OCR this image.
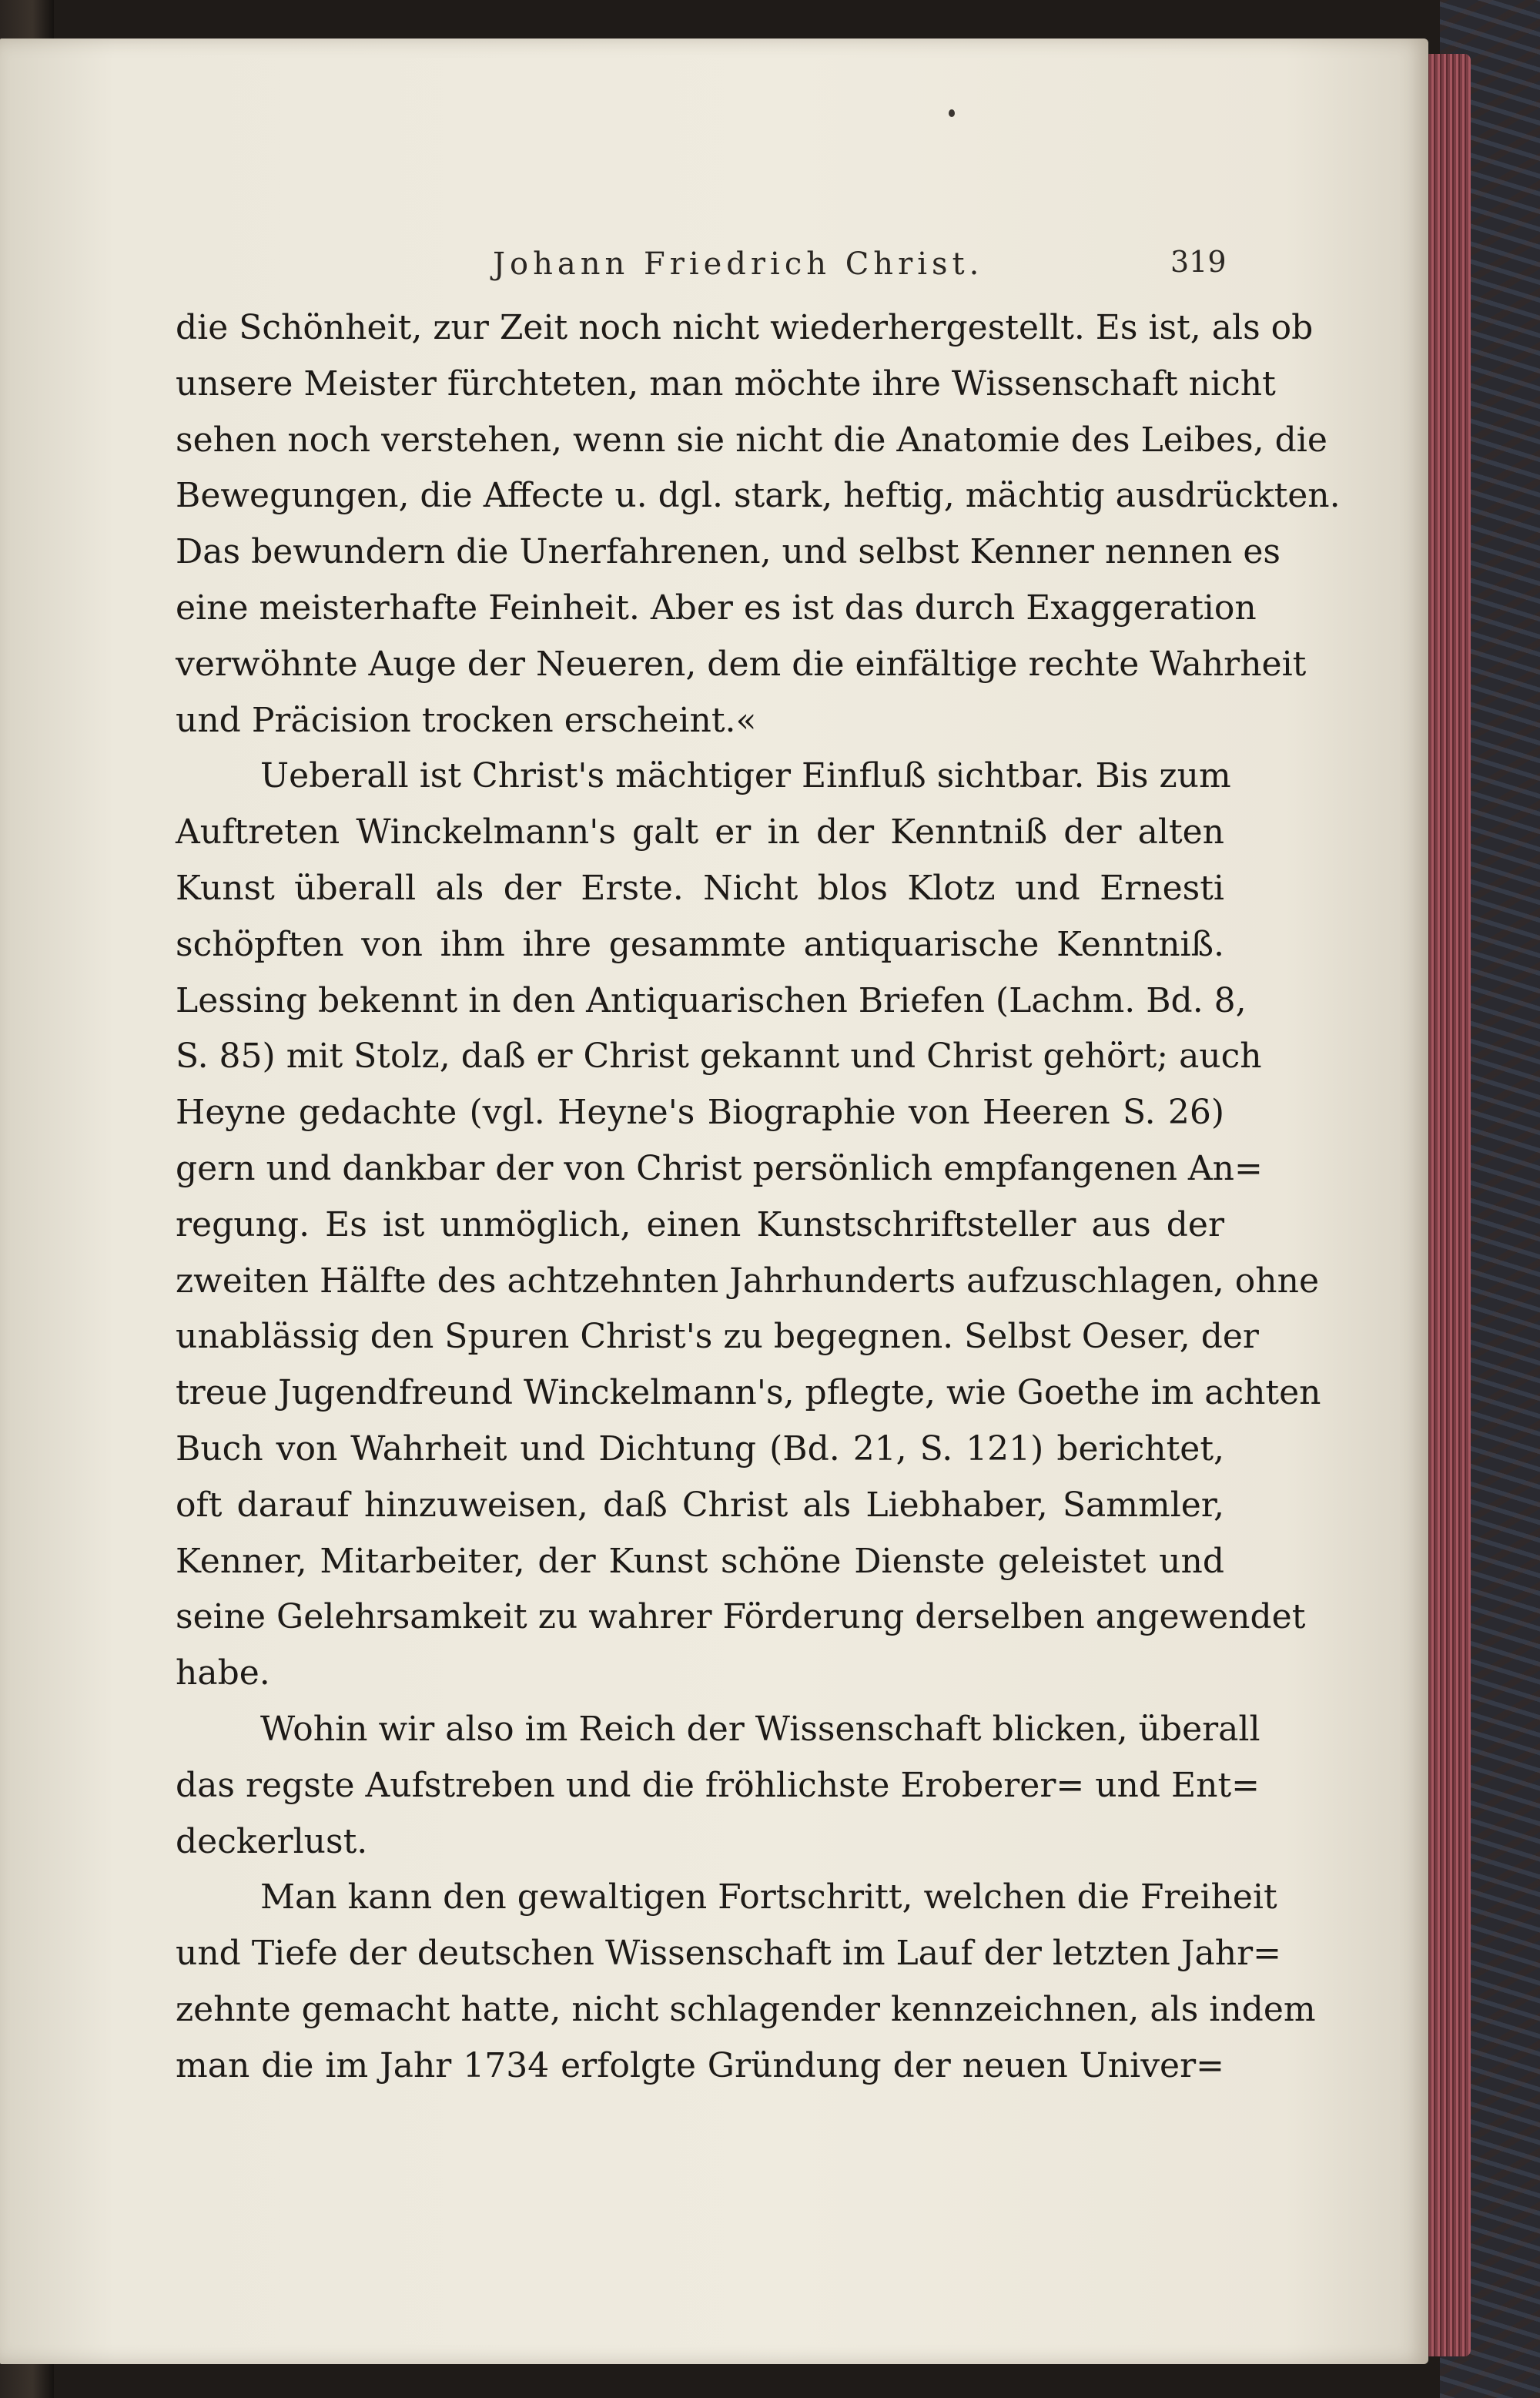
Johann Friedrich Christ.	319
die Schönheit, zur Zeit noch nicht wiederhergestellt. Es ist, als ob
unsere Meister fürchteten, man möchte ihre Wissenschaft nicht
sehen noch verstehen, wenn sie nicht die Anatomie des Leibes, die
Bewegungen, die Affecte u. dgl. stark, heftig, mächtig ausdrückten.
Das bewundern die Unerfahrenen, und selbst Kenner nennen es
eine meisterhafte Feinheit. Aber es ist das durch Exaggeration
verwöhnte Auge der Neueren, dem die einfältige rechte Wahrheit
und Präcision trocken erscheint.«
Ueberall ist Christ's mächtiger Einfluß sichtbar. Bis zum
Auftreten Winckelmann's galt er in der Kenntniß der alten
Kunst überall als der Erste. Nicht blos Klotz und Ernesti
schöpften von ihm ihre gesammte antiquarische Kenntniß.
Lessing bekennt in den Antiquarischen Briefen (Lachm. Bd. 8,
S. 85) mit Stolz, daß er Christ gekannt und Christ gehört; auch
Heyne gedachte (vgl. Heyne's Biographie von Heeren S. 26)
gern und dankbar der von Christ persönlich empfangenen An=
regung. Es ist unmöglich, einen Kunstschriftsteller aus der
zweiten Hälfte des achtzehnten Jahrhunderts aufzuschlagen, ohne
unablässig den Spuren Christ's zu begegnen. Selbst Oeser, der
treue Jugendfreund Winckelmann's, pflegte, wie Goethe im achten
Buch von Wahrheit und Dichtung (Bd. 21, S. 121) berichtet,
oft darauf hinzuweisen, daß Christ als Liebhaber, Sammler,
Kenner, Mitarbeiter, der Kunst schöne Dienste geleistet und
seine Gelehrsamkeit zu wahrer Förderung derselben angewendet
habe.
Wohin wir also im Reich der Wissenschaft blicken, überall
das regste Aufstreben und die fröhlichste Eroberer= und Ent=
deckerlust.
Man kann den gewaltigen Fortschritt, welchen die Freiheit
und Tiefe der deutschen Wissenschaft im Lauf der letzten Jahr=
zehnte gemacht hatte, nicht schlagender kennzeichnen, als indem
man die im Jahr 1734 erfolgte Gründung der neuen Univer=
